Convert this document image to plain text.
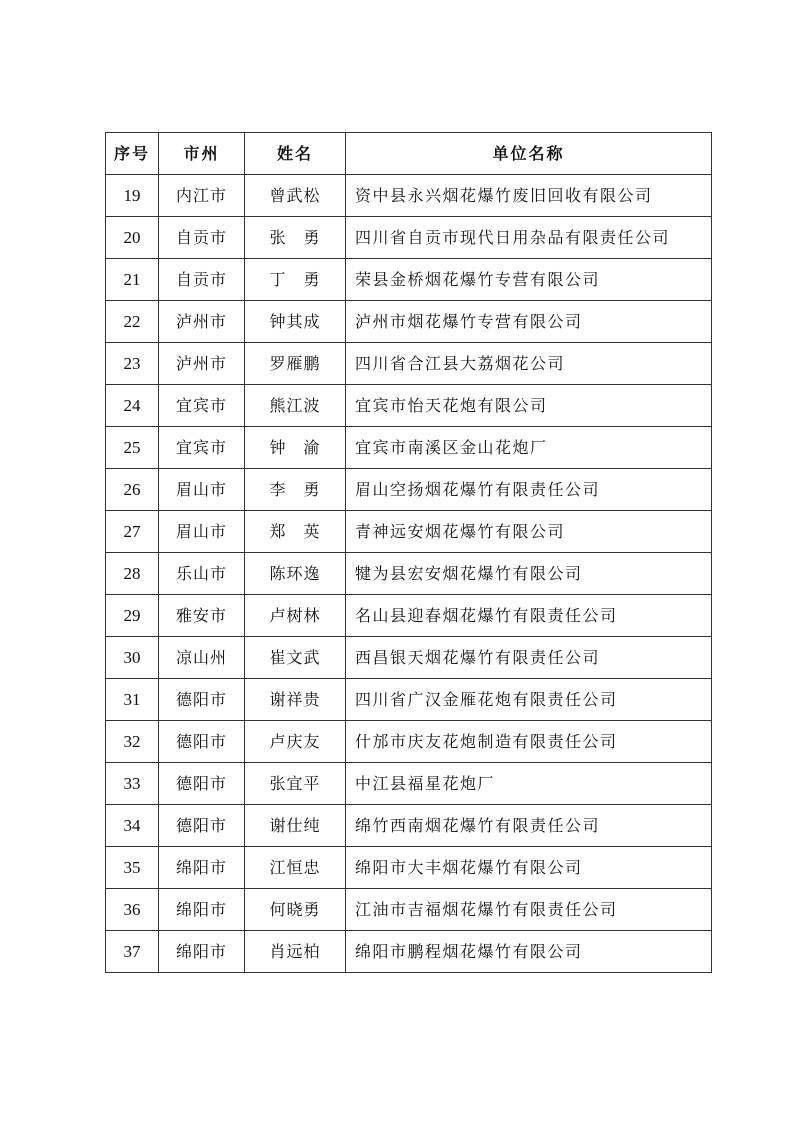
序号	市州	姓名	单位名称
19	内江市	曾武松	资中县永兴烟花爆竹废旧回收有限公司
20	自贡市	张　勇	四川省自贡市现代日用杂品有限责任公司
21	自贡市	丁　勇	荣县金桥烟花爆竹专营有限公司
22	泸州市	钟其成	泸州市烟花爆竹专营有限公司
23	泸州市	罗雁鹏	四川省合江县大荔烟花公司
24	宜宾市	熊江波	宜宾市怡天花炮有限公司
25	宜宾市	钟　渝	宜宾市南溪区金山花炮厂
26	眉山市	李　勇	眉山空扬烟花爆竹有限责任公司
27	眉山市	郑　英	青神远安烟花爆竹有限公司
28	乐山市	陈环逸	犍为县宏安烟花爆竹有限公司
29	雅安市	卢树林	名山县迎春烟花爆竹有限责任公司
30	凉山州	崔文武	西昌银天烟花爆竹有限责任公司
31	德阳市	谢祥贵	四川省广汉金雁花炮有限责任公司
32	德阳市	卢庆友	什邡市庆友花炮制造有限责任公司
33	德阳市	张宜平	中江县福星花炮厂
34	德阳市	谢仕纯	绵竹西南烟花爆竹有限责任公司
35	绵阳市	江恒忠	绵阳市大丰烟花爆竹有限公司
36	绵阳市	何晓勇	江油市吉福烟花爆竹有限责任公司
37	绵阳市	肖远柏	绵阳市鹏程烟花爆竹有限公司
